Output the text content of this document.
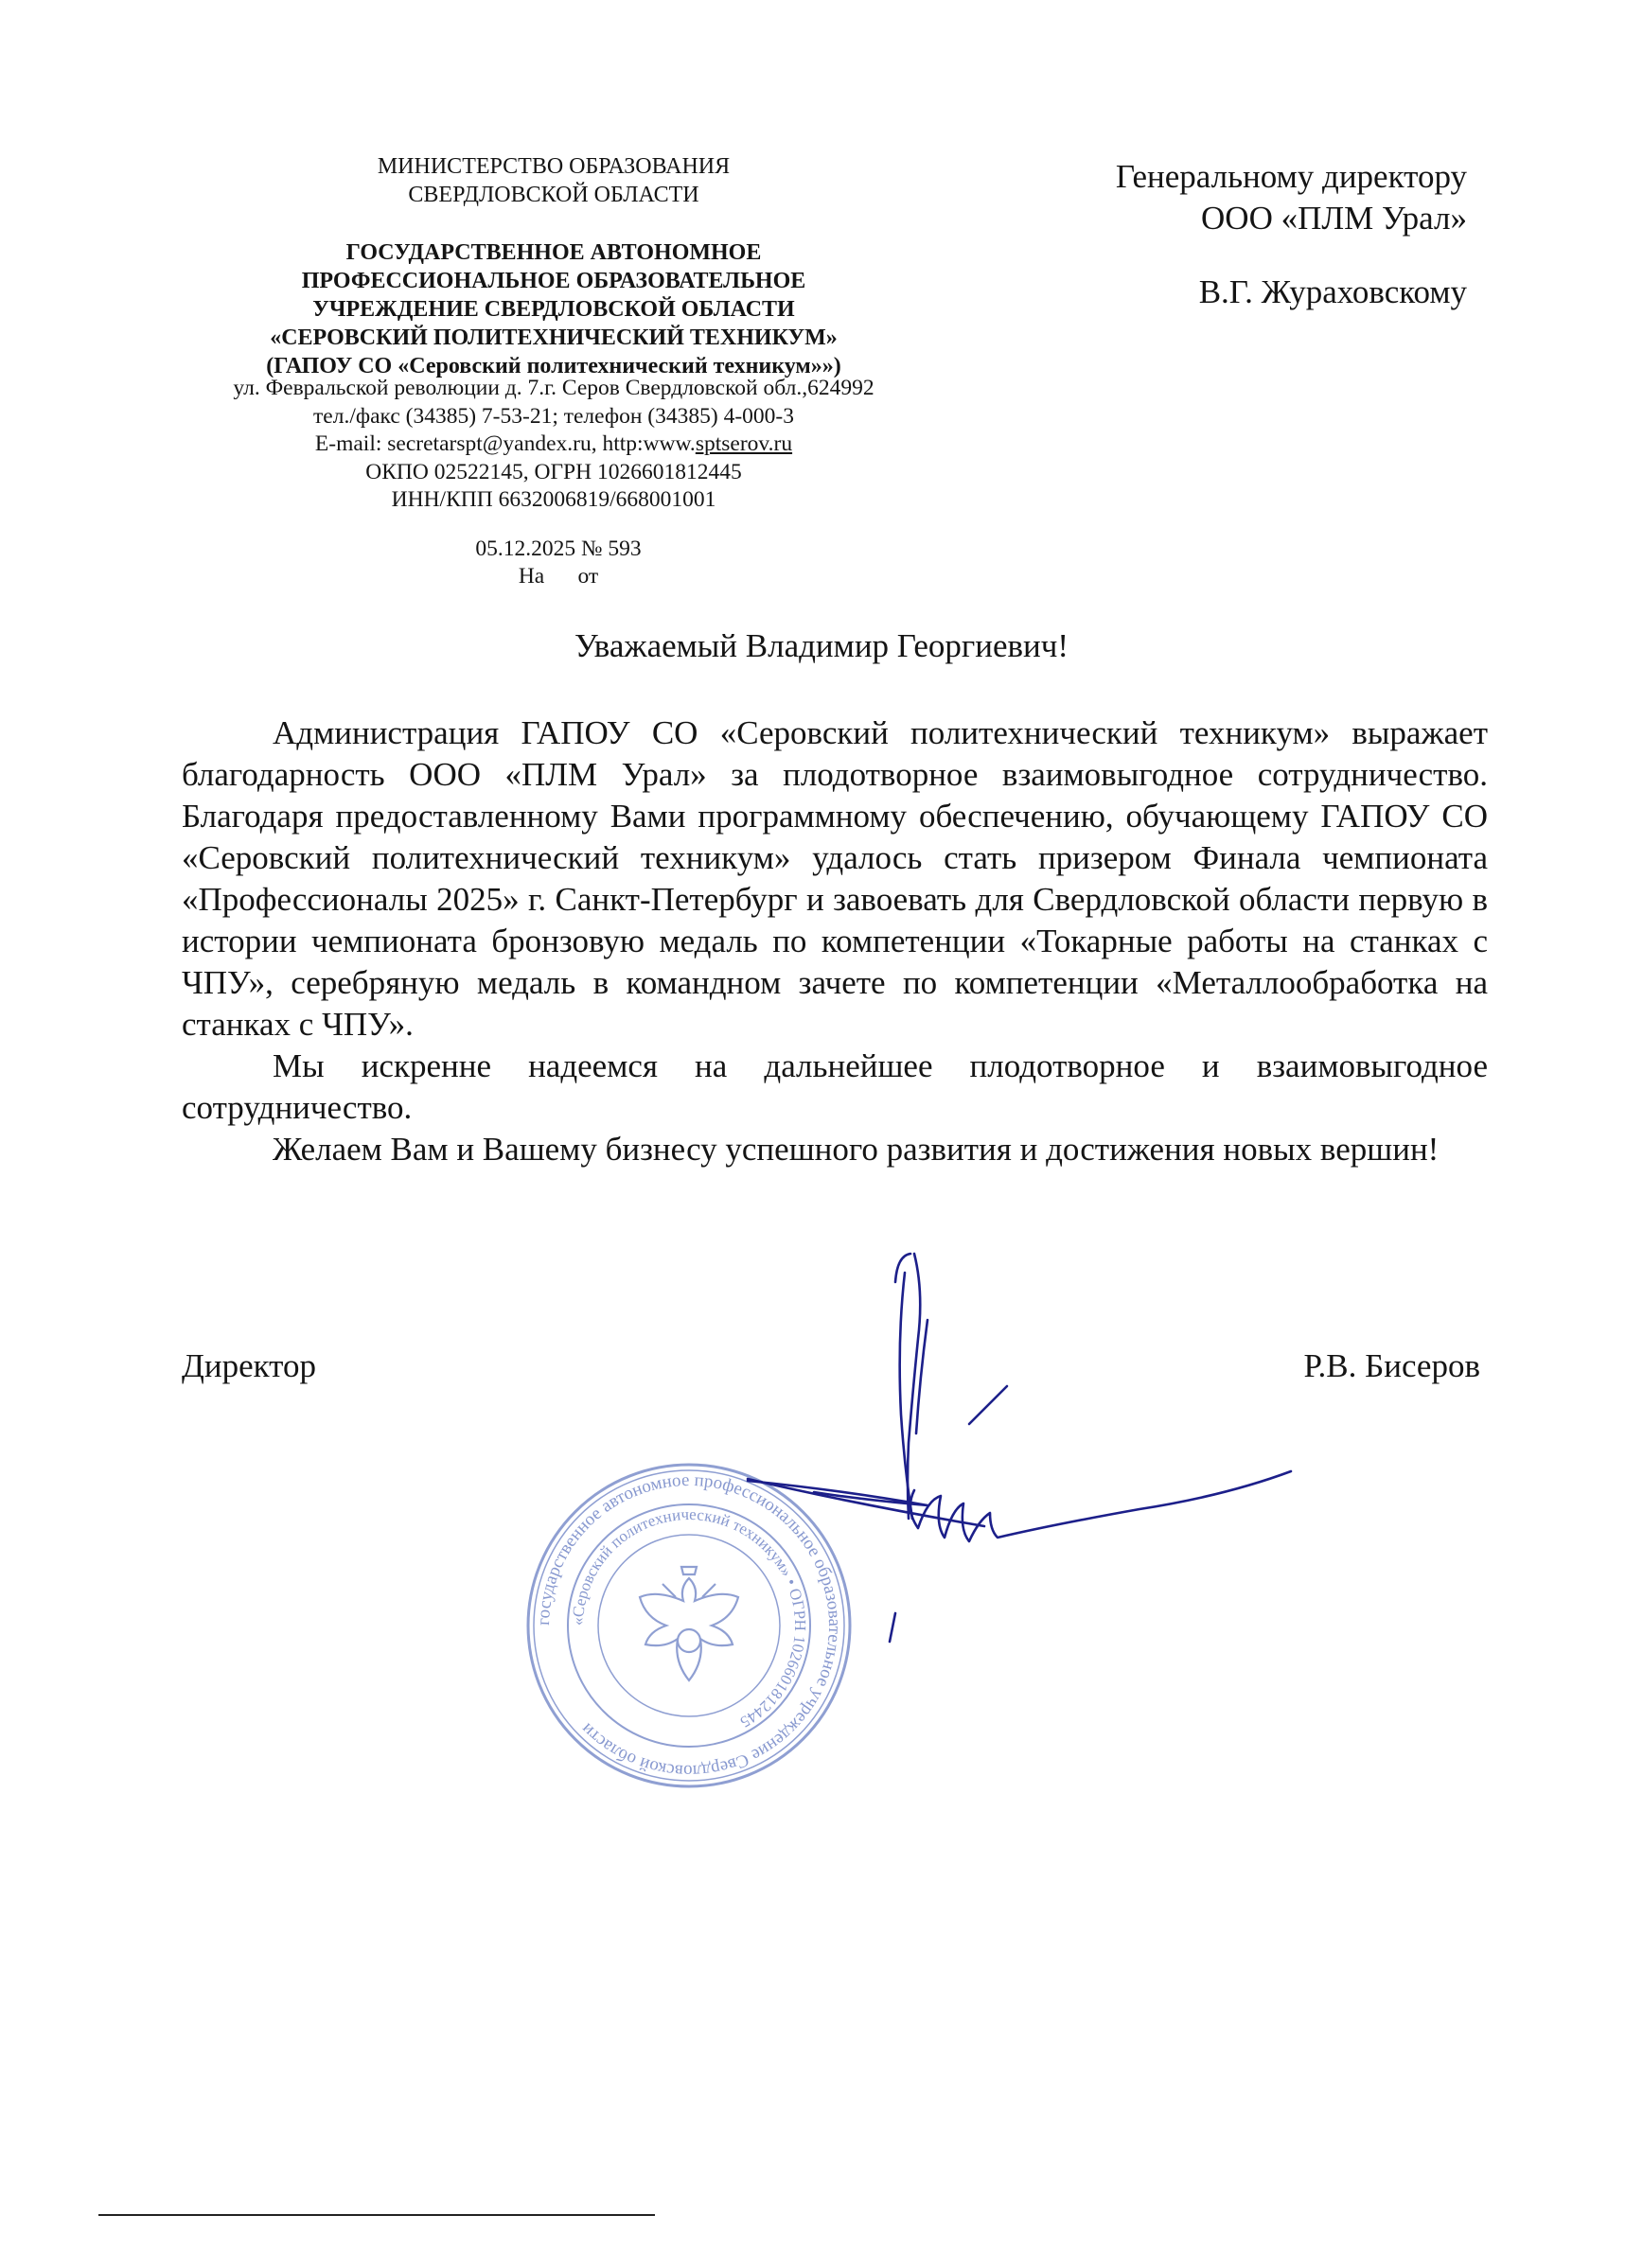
МИНИСТЕРСТВО ОБРАЗОВАНИЯ
СВЕРДЛОВСКОЙ ОБЛАСТИ
ГОСУДАРСТВЕННОЕ АВТОНОМНОЕ
ПРОФЕССИОНАЛЬНОЕ ОБРАЗОВАТЕЛЬНОЕ
УЧРЕЖДЕНИЕ СВЕРДЛОВСКОЙ ОБЛАСТИ
«СЕРОВСКИЙ ПОЛИТЕХНИЧЕСКИЙ ТЕХНИКУМ»
(ГАПОУ СО «Серовский политехнический техникум»»)
ул. Февральской революции д. 7.г. Серов Свердловской обл.,624992
тел./факс (34385) 7-53-21; телефон (34385) 4-000-3
E-mail: secretarspt@yandex.ru, http:www.sptserov.ru
ОКПО 02522145, ОГРН 1026601812445
ИНН/КПП 6632006819/668001001
05.12.2025 № 593
На      от
Генеральному директору
ООО «ПЛМ Урал»
В.Г. Жураховскому
Уважаемый Владимир Георгиевич!

Администрация ГАПОУ СО «Серовский политехнический техникум» выражает благодарность ООО «ПЛМ Урал» за плодотворное взаимовыгодное сотрудничество. Благодаря предоставленному Вами программному обеспечению, обучающему ГАПОУ СО «Серовский политехнический техникум» удалось стать призером Финала чемпионата «Профессионалы 2025» г. Санкт-Петербург и завоевать для Свердловской области первую в истории чемпионата бронзовую медаль по компетенции «Токарные работы на станках с ЧПУ», серебряную медаль в командном зачете по компетенции «Металлообработка на станках с ЧПУ».

Мы искренне надеемся на дальнейшее плодотворное и взаимовыгодное сотрудничество.

Желаем Вам и Вашему бизнесу успешного развития и достижения новых вершин!

Директор	Р.В. Бисеров
государственное автономное профессиональное образовательное учреждение Свердловской области
«Серовский политехнический техникум» • ОГРН 1026601812445
